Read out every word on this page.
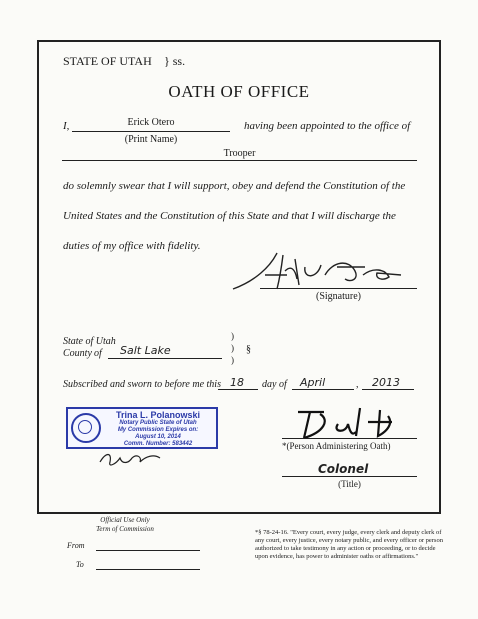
STATE OF UTAH } ss.
OATH OF OFFICE
I,	Erick Otero
(Print Name)
having been appointed to the office of
Trooper
do solemnly swear that I will support, obey and defend the Constitution of the
United States and the Constitution of this State and that I will discharge the
duties of my office with fidelity.
(Signature)
State of Utah
County of Salt Lake
)
)
)
§
Subscribed and sworn to before me this 18 day of April	, 2013
Trina L. Polanowski
Notary Public State of Utah
My Commission Expires on:
August 10, 2014
Comm. Number: 583442	*(Person Administering Oath)
Colonel
(Title)
Official Use Only
Term of Commission
From
To
*§ 78-24-16. "Every court, every judge, every clerk and deputy clerk of any court, every justice, every notary public, and every officer or person authorized to take testimony in any action or proceeding, or to decide upon evidence, has power to administer oaths or affirmations."
